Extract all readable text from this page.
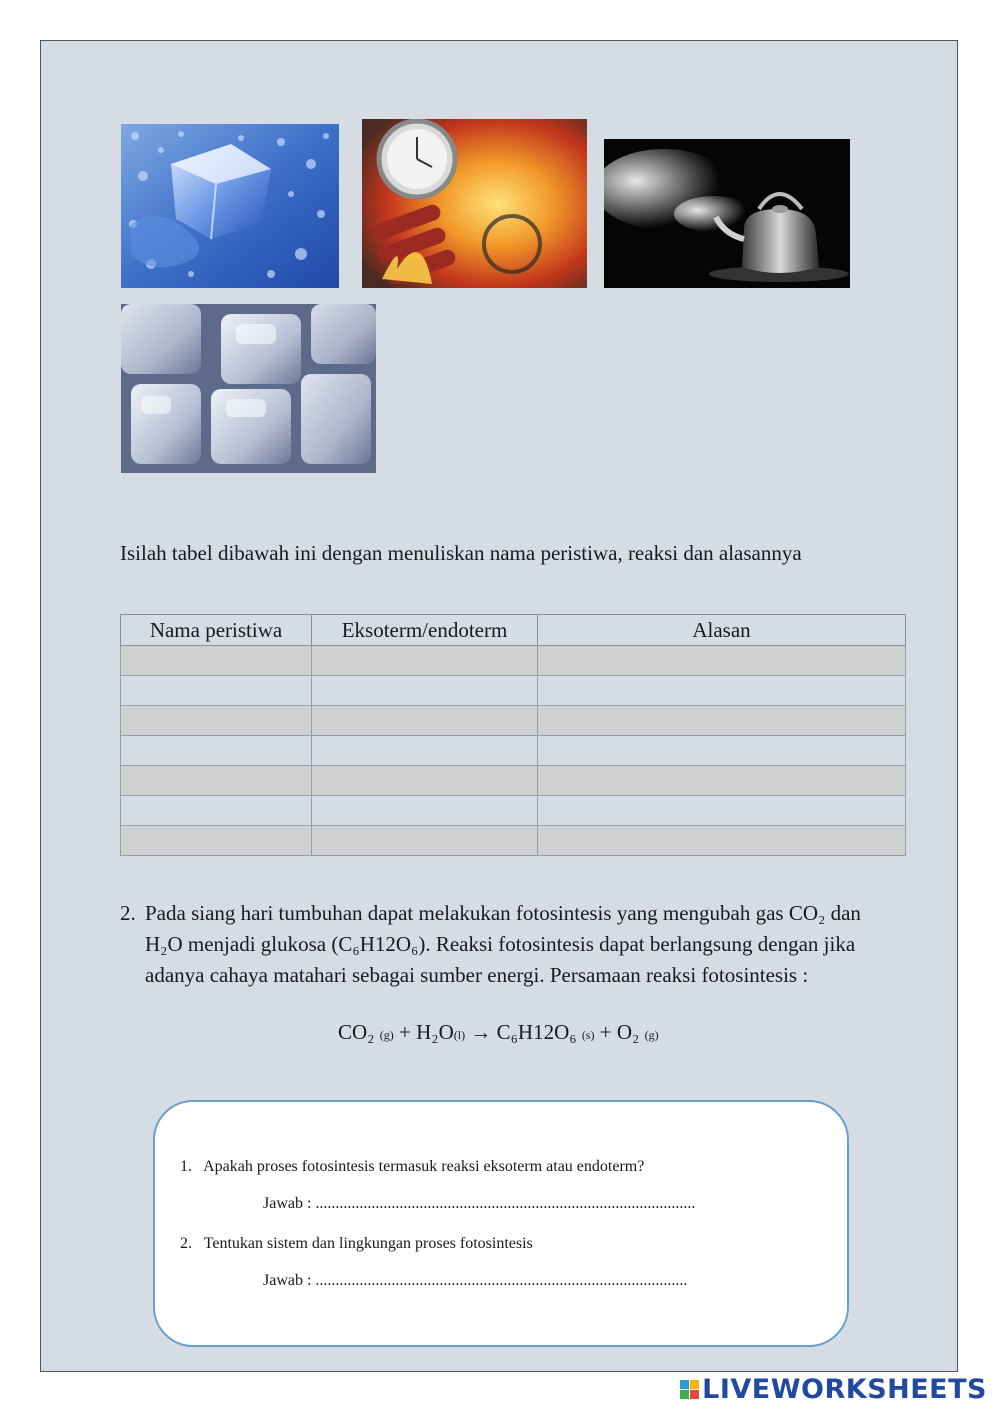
Isilah tabel dibawah ini dengan menuliskan nama peristiwa, reaksi dan alasannya
Nama peristiwa	Eksoterm/endoterm	Alasan

2. Pada siang hari tumbuhan dapat melakukan fotosintesis yang mengubah gas CO₂ dan H₂O menjadi glukosa (C₆H12O₆). Reaksi fotosintesis dapat berlangsung dengan jika adanya cahaya matahari sebagai sumber energi. Persamaan reaksi fotosintesis :
CO₂ (g) + H₂O(l) → C₆H12O₆ (s) + O₂ (g)
1. Apakah proses fotosintesis termasuk reaksi eksoterm atau endoterm?
Jawab : ...............................................................................................
2. Tentukan sistem dan lingkungan proses fotosintesis
Jawab : .............................................................................................
LIVEWORKSHEETS
